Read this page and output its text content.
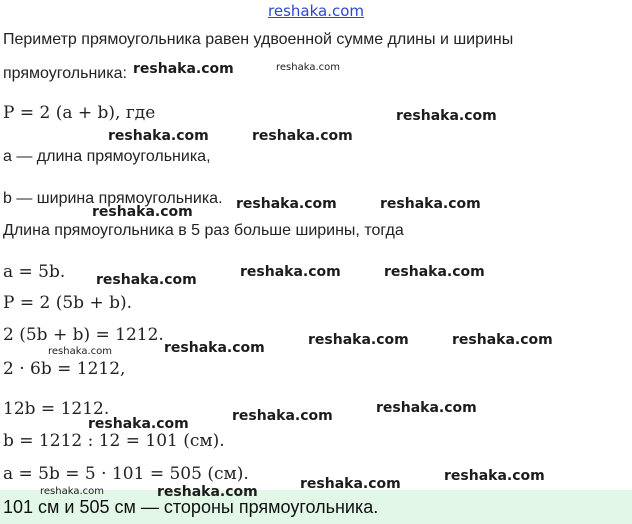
reshaka.com
Периметр прямоугольника равен удвоенной сумме длины и ширины
прямоугольника:
P = 2 (a + b), где
a — длина прямоугольника,
b — ширина прямоугольника.
Длина прямоугольника в 5 раз больше ширины, тогда
a = 5b.
P = 2 (5b + b).
2 (5b + b) = 1212.
2 · 6b = 1212,
12b = 1212.
b = 1212 : 12 = 101 (см).
a = 5b = 5 · 101 = 505 (см).
101 см и 505 см — стороны прямоугольника.
reshaka.com	reshaka.com
reshaka.com
reshaka.com	reshaka.com
reshaka.com	reshaka.com
reshaka.com
reshaka.com	reshaka.com
reshaka.com
reshaka.com	reshaka.com
reshaka.com
reshaka.com
reshaka.com
reshaka.com
reshaka.com
reshaka.com
reshaka.com
reshaka.com
reshaka.com
